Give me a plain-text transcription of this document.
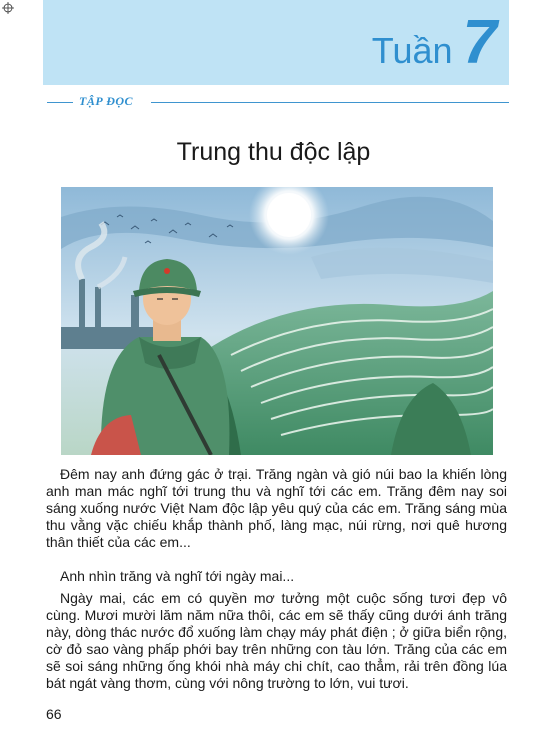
Tuần 7
TẬP ĐỌC
Trung thu độc lập
Đêm nay anh đứng gác ở trại. Trăng ngàn và gió núi bao la khiến lòng anh man mác nghĩ tới trung thu và nghĩ tới các em. Trăng đêm nay soi sáng xuống nước Việt Nam độc lập yêu quý của các em. Trăng sáng mùa thu vằng vặc chiếu khắp thành phố, làng mạc, núi rừng, nơi quê hương thân thiết của các em...
Anh nhìn trăng và nghĩ tới ngày mai...
Ngày mai, các em có quyền mơ tưởng một cuộc sống tươi đẹp vô cùng. Mươi mười lăm năm nữa thôi, các em sẽ thấy cũng dưới ánh trăng này, dòng thác nước đổ xuống làm chạy máy phát điện ; ở giữa biển rộng, cờ đỏ sao vàng phấp phới bay trên những con tàu lớn. Trăng của các em sẽ soi sáng những ống khói nhà máy chi chít, cao thẳm, rải trên đồng lúa bát ngát vàng thơm, cùng với nông trường to lớn, vui tươi.
66
